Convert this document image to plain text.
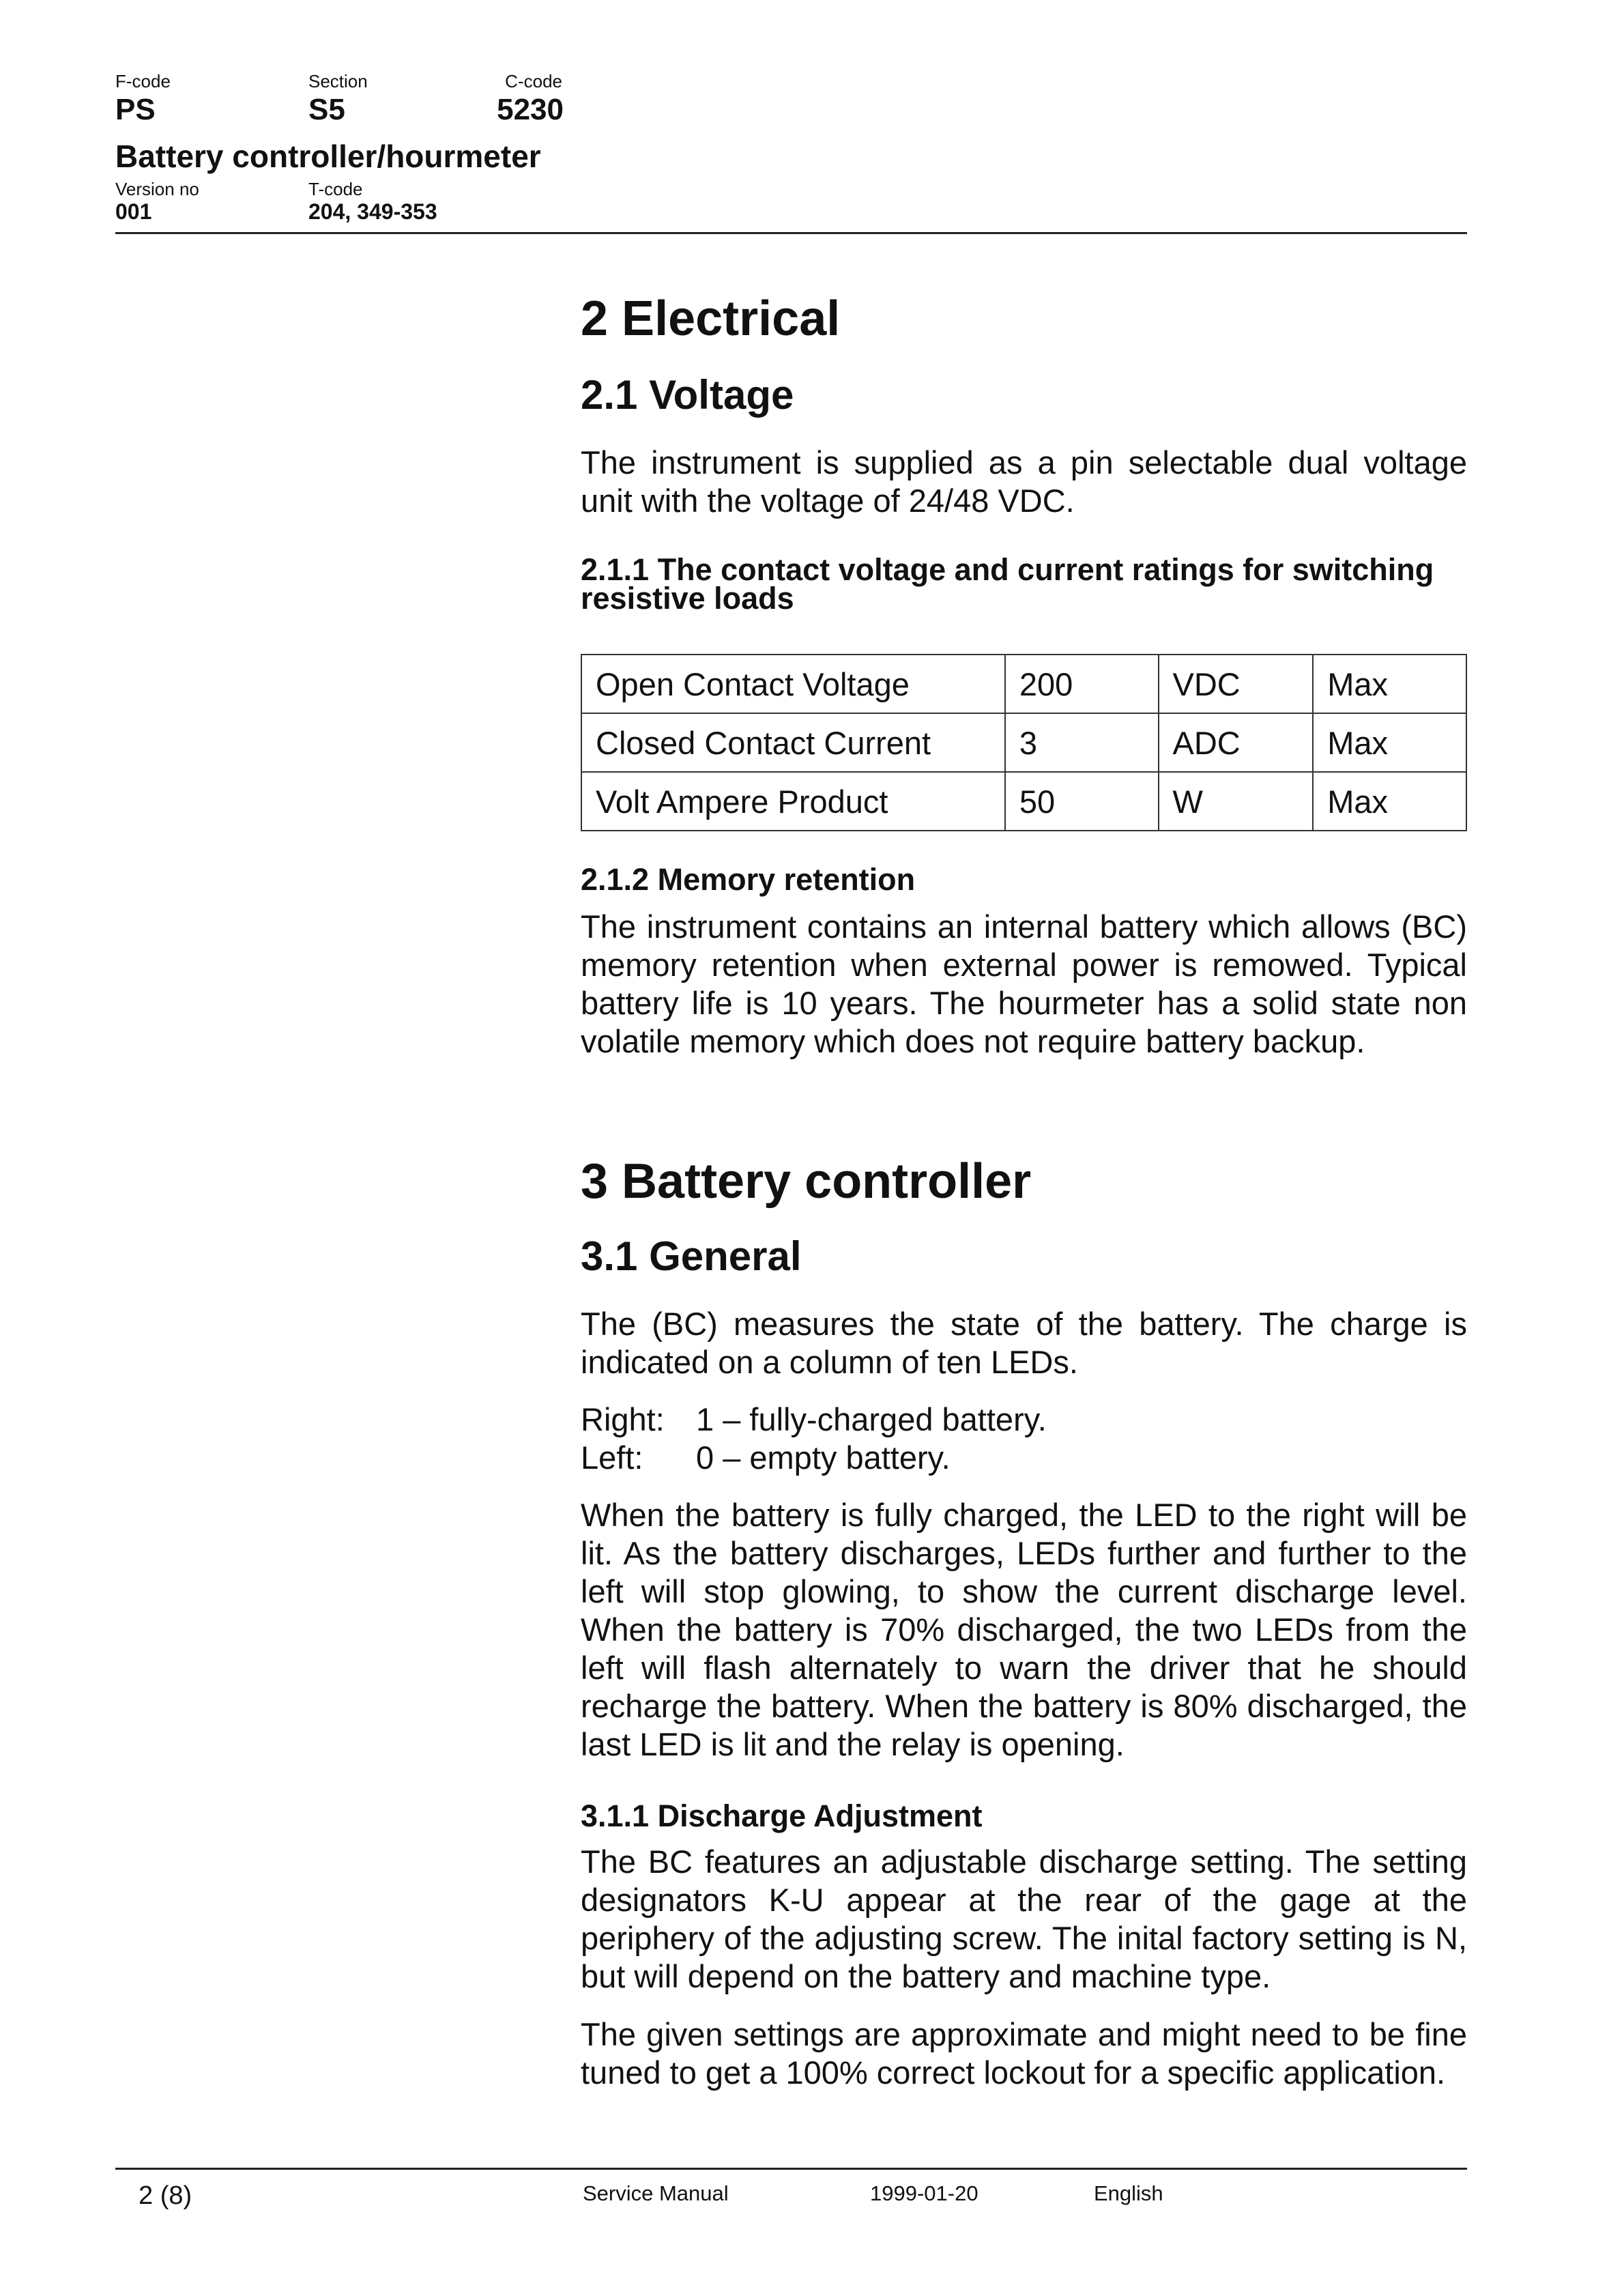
F-code
PS
Section
S5
C-code
5230
Battery controller/hourmeter
Version no
001
T-code
204, 349-353
2 Electrical
2.1 Voltage

The instrument is supplied as a pin selectable dual voltage unit with the voltage of 24/48 VDC.

2.1.1 The contact voltage and current ratings for switching resistive loads
Open Contact Voltage	200	VDC	Max
Closed Contact Current	3	ADC	Max
Volt Ampere Product	50	W	Max
2.1.2 Memory retention

The instrument contains an internal battery which allows (BC) memory retention when external power is remowed. Typical battery life is 10 years. The hourmeter has a solid state non volatile memory which does not require battery backup.

3 Battery controller
3.1 General

The (BC) measures the state of the battery. The charge is indicated on a column of ten LEDs.

Right: 1 – fully-charged battery.
Left: 0 – empty battery.

When the battery is fully charged, the LED to the right will be lit. As the battery discharges, LEDs further and further to the left will stop glowing, to show the current discharge level. When the battery is 70% discharged, the two LEDs from the left will flash alternately to warn the driver that he should recharge the battery. When the battery is 80% discharged, the last LED is lit and the relay is opening.

3.1.1 Discharge Adjustment

The BC features an adjustable discharge setting. The setting designators K-U appear at the rear of the gage at the periphery of the adjusting screw. The inital factory setting is N, but will depend on the battery and machine type.

The given settings are approximate and might need to be fine tuned to get a 100% correct lockout for a specific application.

2 (8)	Service Manual	1999-01-20	English
